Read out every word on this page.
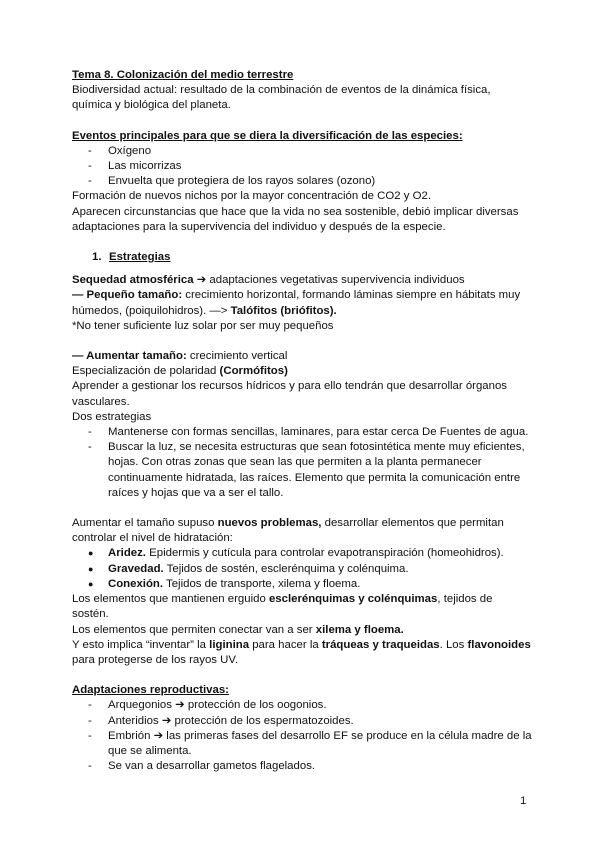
Tema 8. Colonización del medio terrestre

Biodiversidad actual: resultado de la combinación de eventos de la dinámica física, química y biológica del planeta.

Eventos principales para que se diera la diversificación de las especies:

- Oxígeno
- Las micorrizas
- Envuelta que protegiera de los rayos solares (ozono)

Formación de nuevos nichos por la mayor concentración de CO2 y O2.

Aparecen circunstancias que hace que la vida no sea sostenible, debió implicar diversas adaptaciones para la supervivencia del individuo y después de la especie.

1. Estrategias

Sequedad atmosférica ➔ adaptaciones vegetativas supervivencia individuos

— Pequeño tamaño: crecimiento horizontal, formando láminas siempre en hábitats muy húmedos, (poiquilohidros). —> Talófitos (briófitos).

*No tener suficiente luz solar por ser muy pequeños

— Aumentar tamaño: crecimiento vertical

Especialización de polaridad (Cormófitos)

Aprender a gestionar los recursos hídricos y para ello tendrán que desarrollar órganos vasculares.

Dos estrategias

- Mantenerse con formas sencillas, laminares, para estar cerca De Fuentes de agua.
- Buscar la luz, se necesita estructuras que sean fotosintética mente muy eficientes, hojas. Con otras zonas que sean las que permiten a la planta permanecer continuamente hidratada, las raíces. Elemento que permita la comunicación entre raíces y hojas que va a ser el tallo.

Aumentar el tamaño supuso nuevos problemas, desarrollar elementos que permitan controlar el nivel de hidratación:

● Aridez. Epidermis y cutícula para controlar evapotranspiración (homeohidros).
● Gravedad. Tejidos de sostén, esclerénquima y colénquima.
● Conexión. Tejidos de transporte, xilema y floema.

Los elementos que mantienen erguido esclerénquimas y colénquimas, tejidos de sostén.

Los elementos que permiten conectar van a ser xilema y floema.

Y esto implica “inventar” la liginina para hacer la tráqueas y traqueidas. Los flavonoides para protegerse de los rayos UV.

Adaptaciones reproductivas:

- Arquegonios ➔ protección de los oogonios.
- Anteridios ➔ protección de los espermatozoides.
- Embrión ➔ las primeras fases del desarrollo EF se produce en la célula madre de la que se alimenta.
- Se van a desarrollar gametos flagelados.
1
